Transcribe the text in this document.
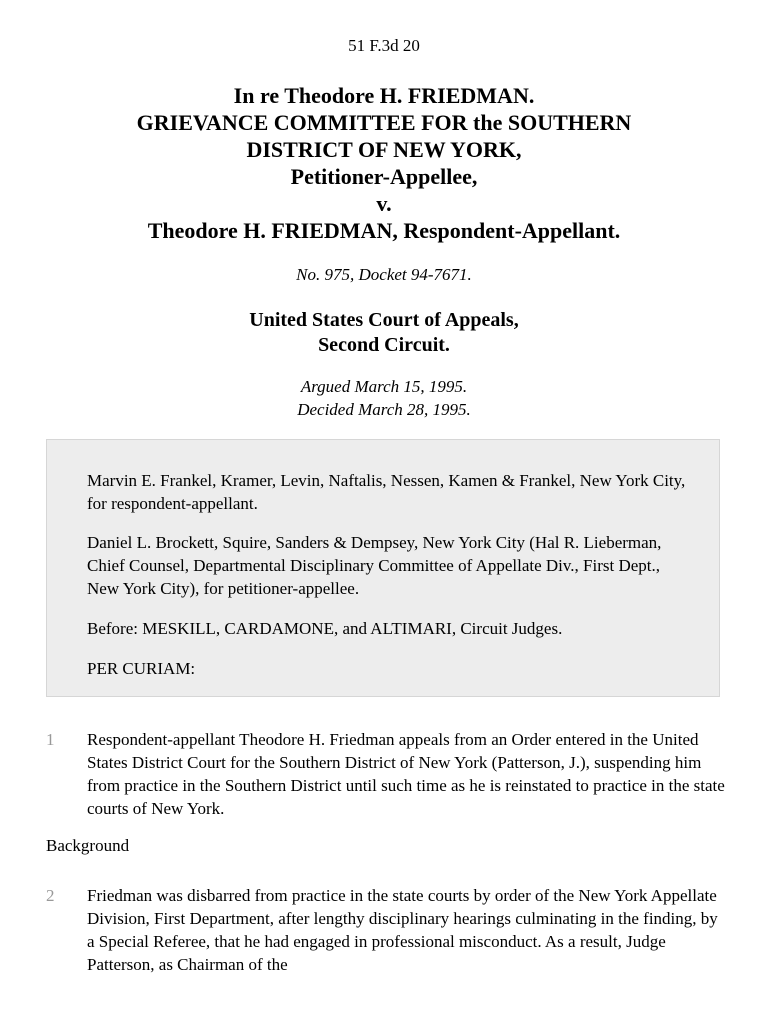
51 F.3d 20
In re Theodore H. FRIEDMAN.
GRIEVANCE COMMITTEE FOR the SOUTHERN
DISTRICT OF NEW YORK,
Petitioner-Appellee,
v.
Theodore H. FRIEDMAN, Respondent-Appellant.
No. 975, Docket 94-7671.
United States Court of Appeals,
Second Circuit.
Argued March 15, 1995.
Decided March 28, 1995.

Marvin E. Frankel, Kramer, Levin, Naftalis, Nessen, Kamen & Frankel, New York City, for respondent-appellant.

Daniel L. Brockett, Squire, Sanders & Dempsey, New York City (Hal R. Lieberman, Chief Counsel, Departmental Disciplinary Committee of Appellate Div., First Dept., New York City), for petitioner-appellee.

Before: MESKILL, CARDAMONE, and ALTIMARI, Circuit Judges.

PER CURIAM:

1 Respondent-appellant Theodore H. Friedman appeals from an Order entered in the United States District Court for the Southern District of New York (Patterson, J.), suspending him from practice in the Southern District until such time as he is reinstated to practice in the state courts of New York.

Background
2 Friedman was disbarred from practice in the state courts by order of the New York Appellate Division, First Department, after lengthy disciplinary hearings culminating in the finding, by a Special Referee, that he had engaged in professional misconduct. As a result, Judge Patterson, as Chairman of the
